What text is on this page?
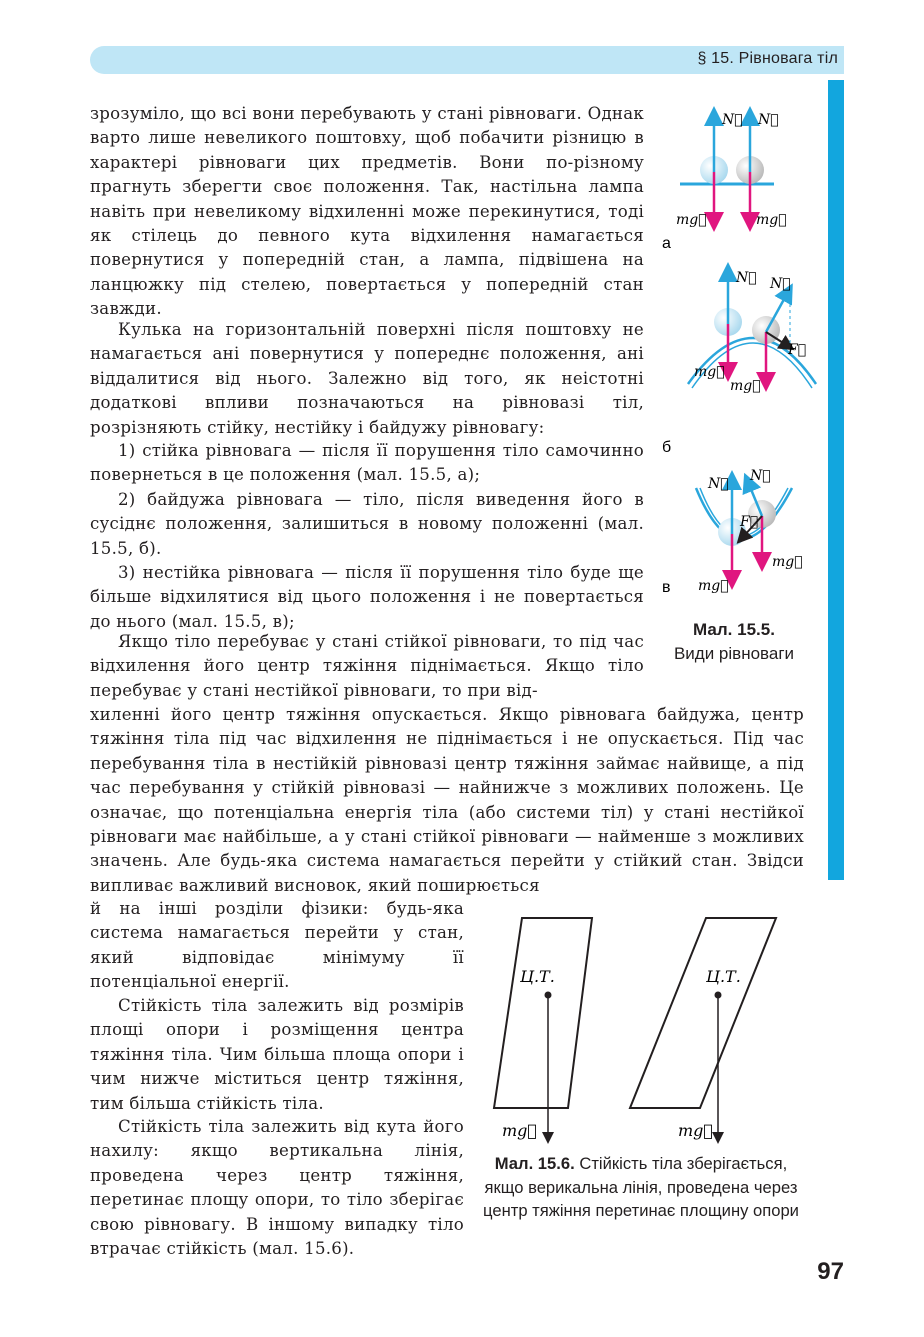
§ 15. Рівновага тіл

зрозуміло, що всі вони перебувають у стані рівноваги. Однак варто лише невеликого поштовху, щоб побачити різницю в характері рівноваги цих предметів. Вони по-різному прагнуть зберегти своє положення. Так, настільна лампа навіть при невеликому відхиленні може перекинутися, тоді як стілець до певного кута відхилення намагається повернутися у попередній стан, а лампа, підвішена на ланцюжку під стелею, повертається у попередній стан завжди.

Кулька на горизонтальній поверхні після поштовху не намагається ані повернутися у попереднє положення, ані віддалитися від нього. Залежно від того, як неістотні додаткові впливи позначаються на рівновазі тіл, розрізняють стійку, нестійку і байдужу рівновагу:

1) стійка рівновага — після її порушення тіло самочинно повернеться в це положення (мал. 15.5, а);

2) байдужа рівновага — тіло, після виведення його в сусіднє положення, залишиться в новому положенні (мал. 15.5, б).

3) нестійка рівновага — після її порушення тіло буде ще більше відхилятися від цього положення і не повертається до нього (мал. 15.5, в);

Якщо тіло перебуває у стані стійкої рівноваги, то під час відхилення його центр тяжіння піднімається. Якщо тіло перебуває у стані нестійкої рівноваги, то при від-

хиленні його центр тяжіння опускається. Якщо рівновага байдужа, центр тяжіння тіла під час відхилення не піднімається і не опускається. Під час перебування тіла в нестійкій рівновазі центр тяжіння займає найвище, а під час перебування у стійкій рівновазі — найнижче з можливих положень. Це означає, що потенціальна енергія тіла (або системи тіл) у стані нестійкої рівноваги має найбільше, а у стані стійкої рівноваги — найменше з можливих значень. Але будь-яка система намагається перейти у стійкий стан. Звідси випливає важливий висновок, який поширюється

й на інші розділи фізики: будь-яка система намагається перейти у стан, який відповідає мінімуму її потенціальної енергії.

Стійкість тіла залежить від розмірів площі опори і розміщення центра тяжіння тіла. Чим більша площа опори і чим нижче міститься центр тяжіння, тим більша стійкість тіла.

Стійкість тіла залежить від кута його нахилу: якщо вертикальна лінія, проведена через центр тяжіння, перетинає площу опори, то тіло зберігає свою рівновагу. В іншому випадку тіло втрачає стійкість (мал. 15.6).

N⃗ N⃗
mg⃗	mg⃗
а
N⃗ N⃗
F⃗
mg⃗
mg⃗
б
N⃗ N⃗
F⃗
mg⃗
mg⃗
в
Мал. 15.5.
Види рівноваги
Ц.Т.
mg⃗
Ц.Т.
mg⃗
Мал. 15.6. Стійкість тіла зберігається, якщо верикальна лінія, проведена через центр тяжіння перетинає площину опори
97
